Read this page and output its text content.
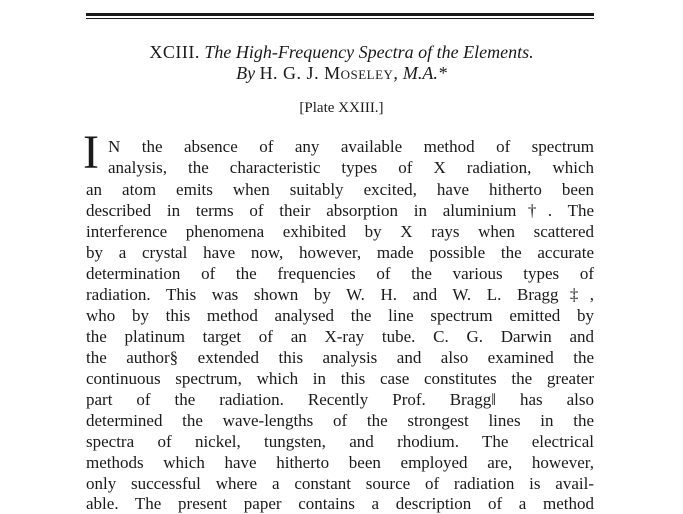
XCIII. The High-Frequency Spectra of the Elements.
By H. G. J. Moseley, M.A.*
[Plate XXIII.]
I N the absence of any available method of spectrum
analysis, the characteristic types of X radiation, which
an atom emits when suitably excited, have hitherto been
described in terms of their absorption in aluminium†. The
interference phenomena exhibited by X rays when scattered
by a crystal have now, however, made possible the accurate
determination of the frequencies of the various types of
radiation. This was shown by W. H. and W. L. Bragg‡,
who by this method analysed the line spectrum emitted by
the platinum target of an X-ray tube. C. G. Darwin and
the author§ extended this analysis and also examined the
continuous spectrum, which in this case constitutes the greater
part of the radiation. Recently Prof. Bragg‖ has also
determined the wave-lengths of the strongest lines in the
spectra of nickel, tungsten, and rhodium. The electrical
methods which have hitherto been employed are, however,
only successful where a constant source of radiation is avail-
able. The present paper contains a description of a method
